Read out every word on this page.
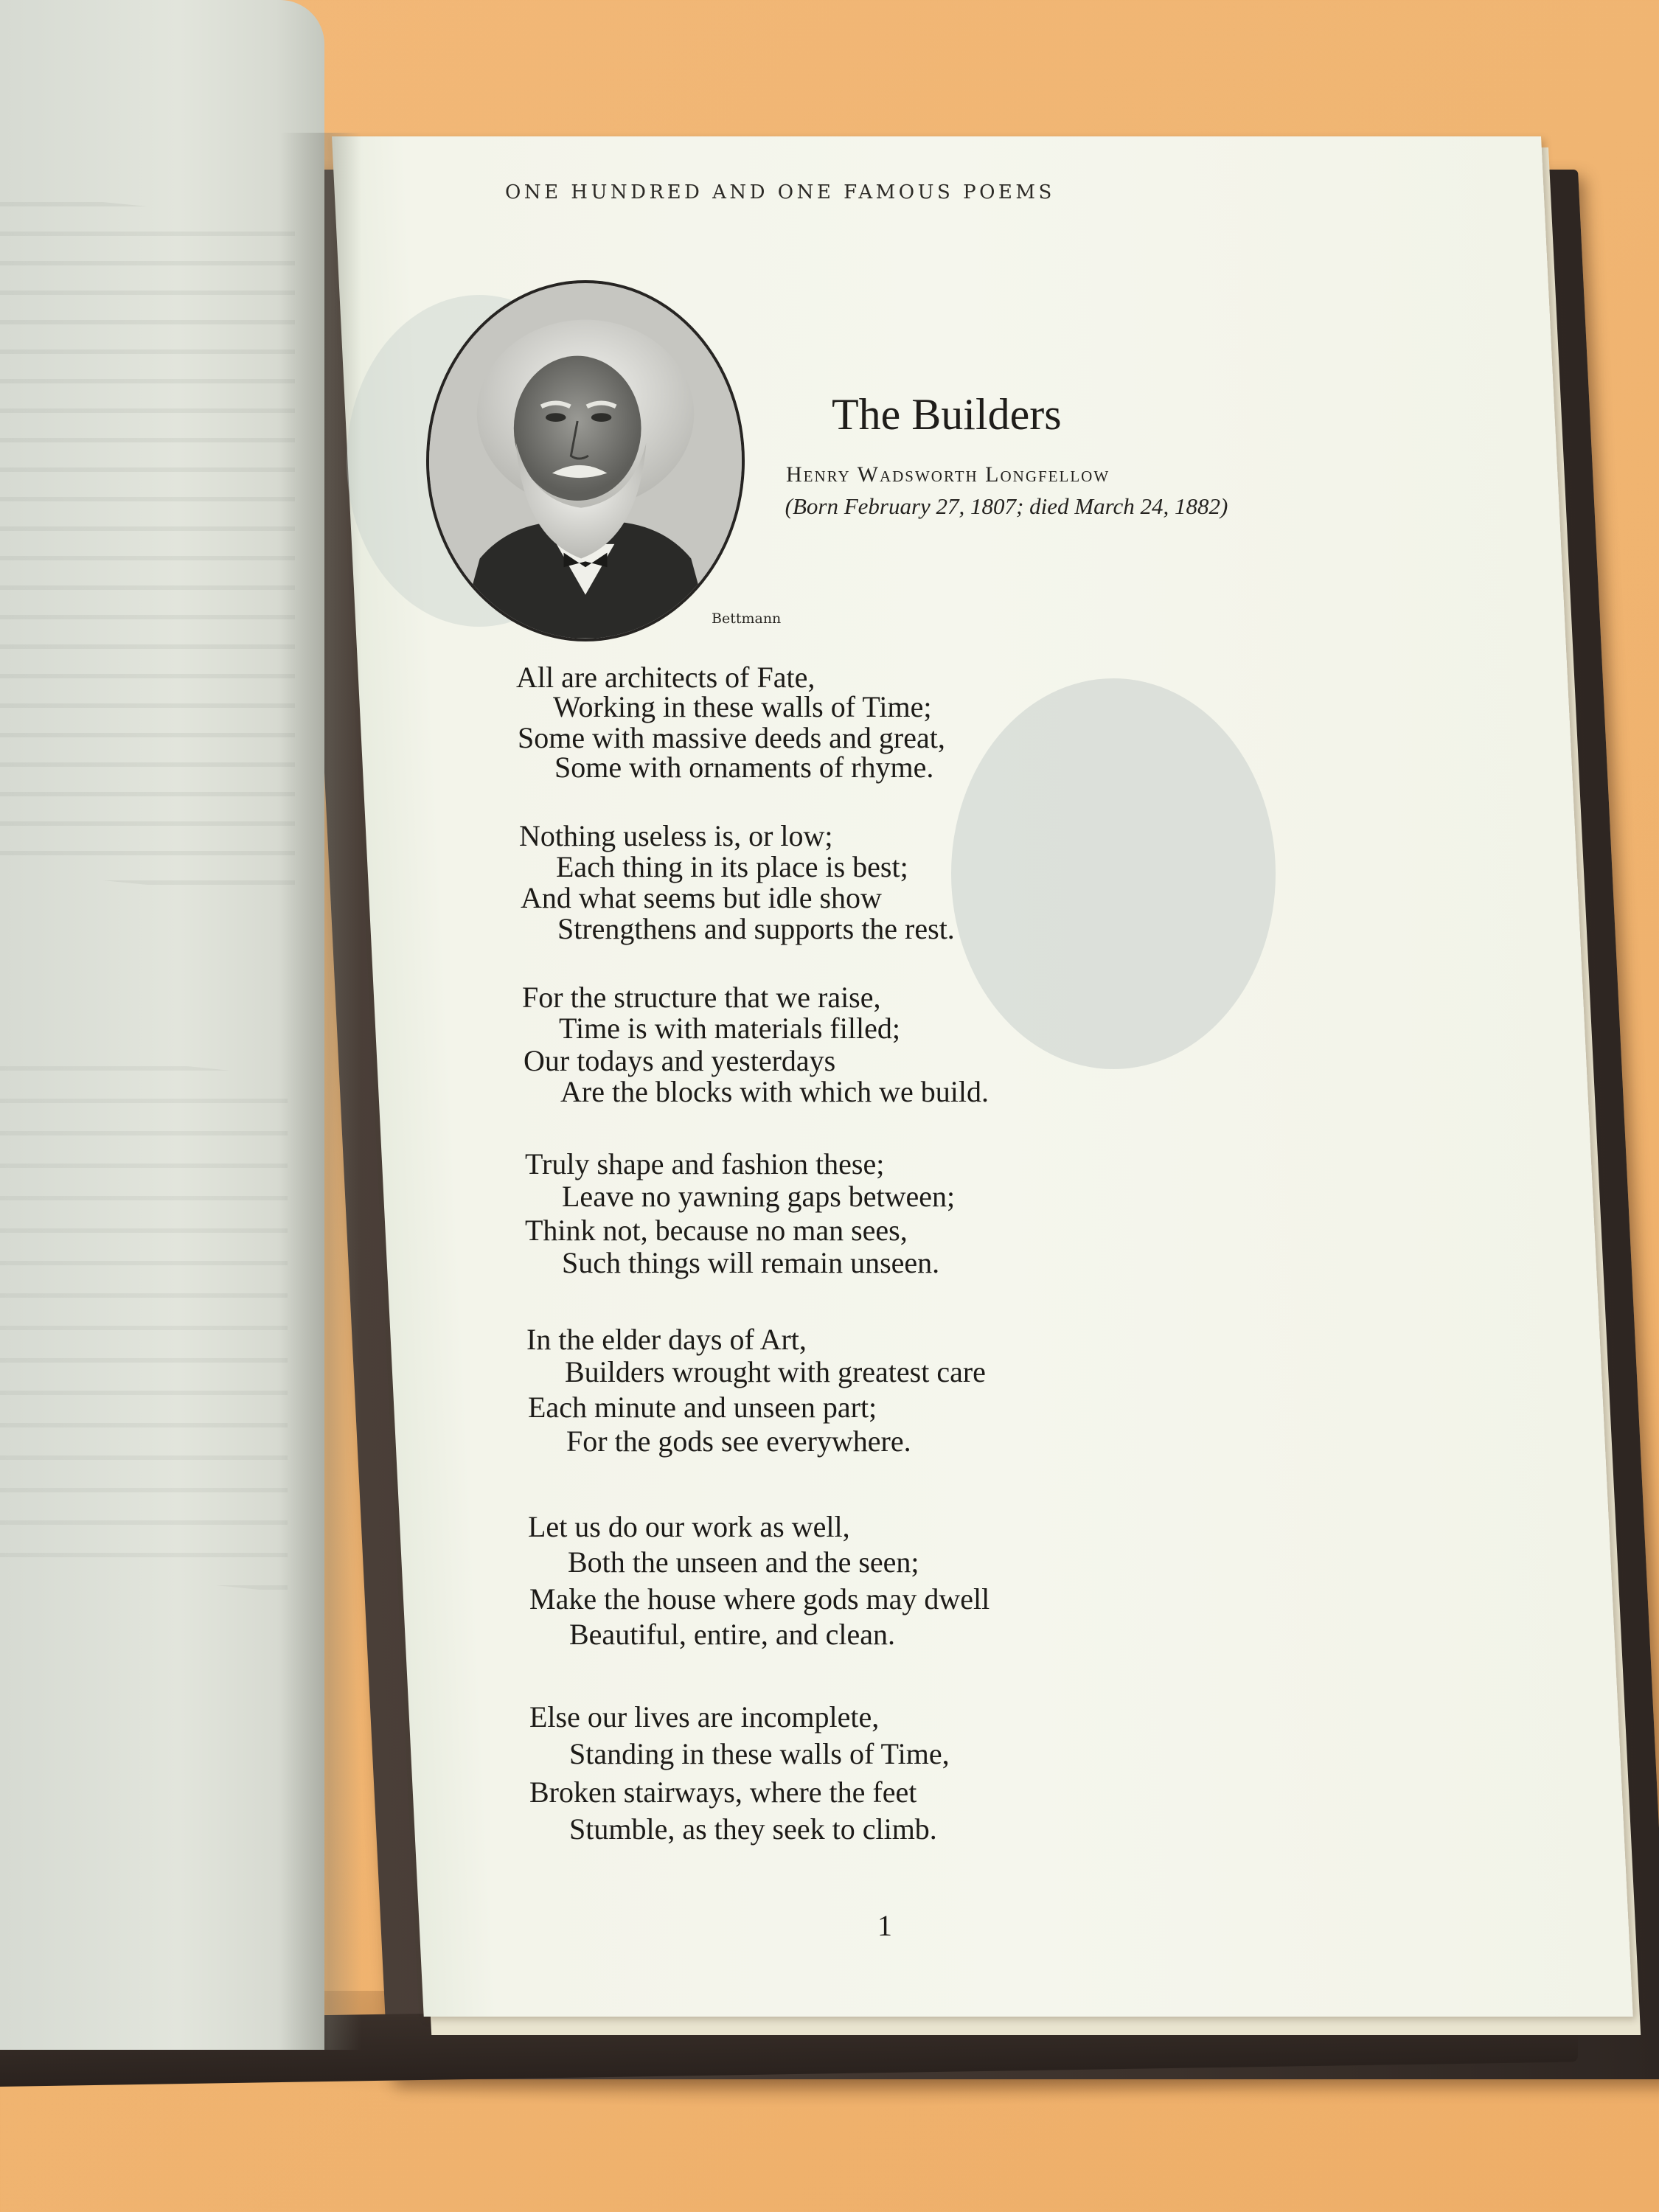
ONE HUNDRED AND ONE FAMOUS POEMS
Bettmann
The Builders
Henry Wadsworth Longfellow
(Born February 27, 1807; died March 24, 1882)
All are architects of Fate,
Working in these walls of Time;
Some with massive deeds and great,
Some with ornaments of rhyme.
Nothing useless is, or low;
Each thing in its place is best;
And what seems but idle show
Strengthens and supports the rest.
For the structure that we raise,
Time is with materials filled;
Our todays and yesterdays
Are the blocks with which we build.
Truly shape and fashion these;
Leave no yawning gaps between;
Think not, because no man sees,
Such things will remain unseen.
In the elder days of Art,
Builders wrought with greatest care
Each minute and unseen part;
For the gods see everywhere.
Let us do our work as well,
Both the unseen and the seen;
Make the house where gods may dwell
Beautiful, entire, and clean.
Else our lives are incomplete,
Standing in these walls of Time,
Broken stairways, where the feet
Stumble, as they seek to climb.
1
